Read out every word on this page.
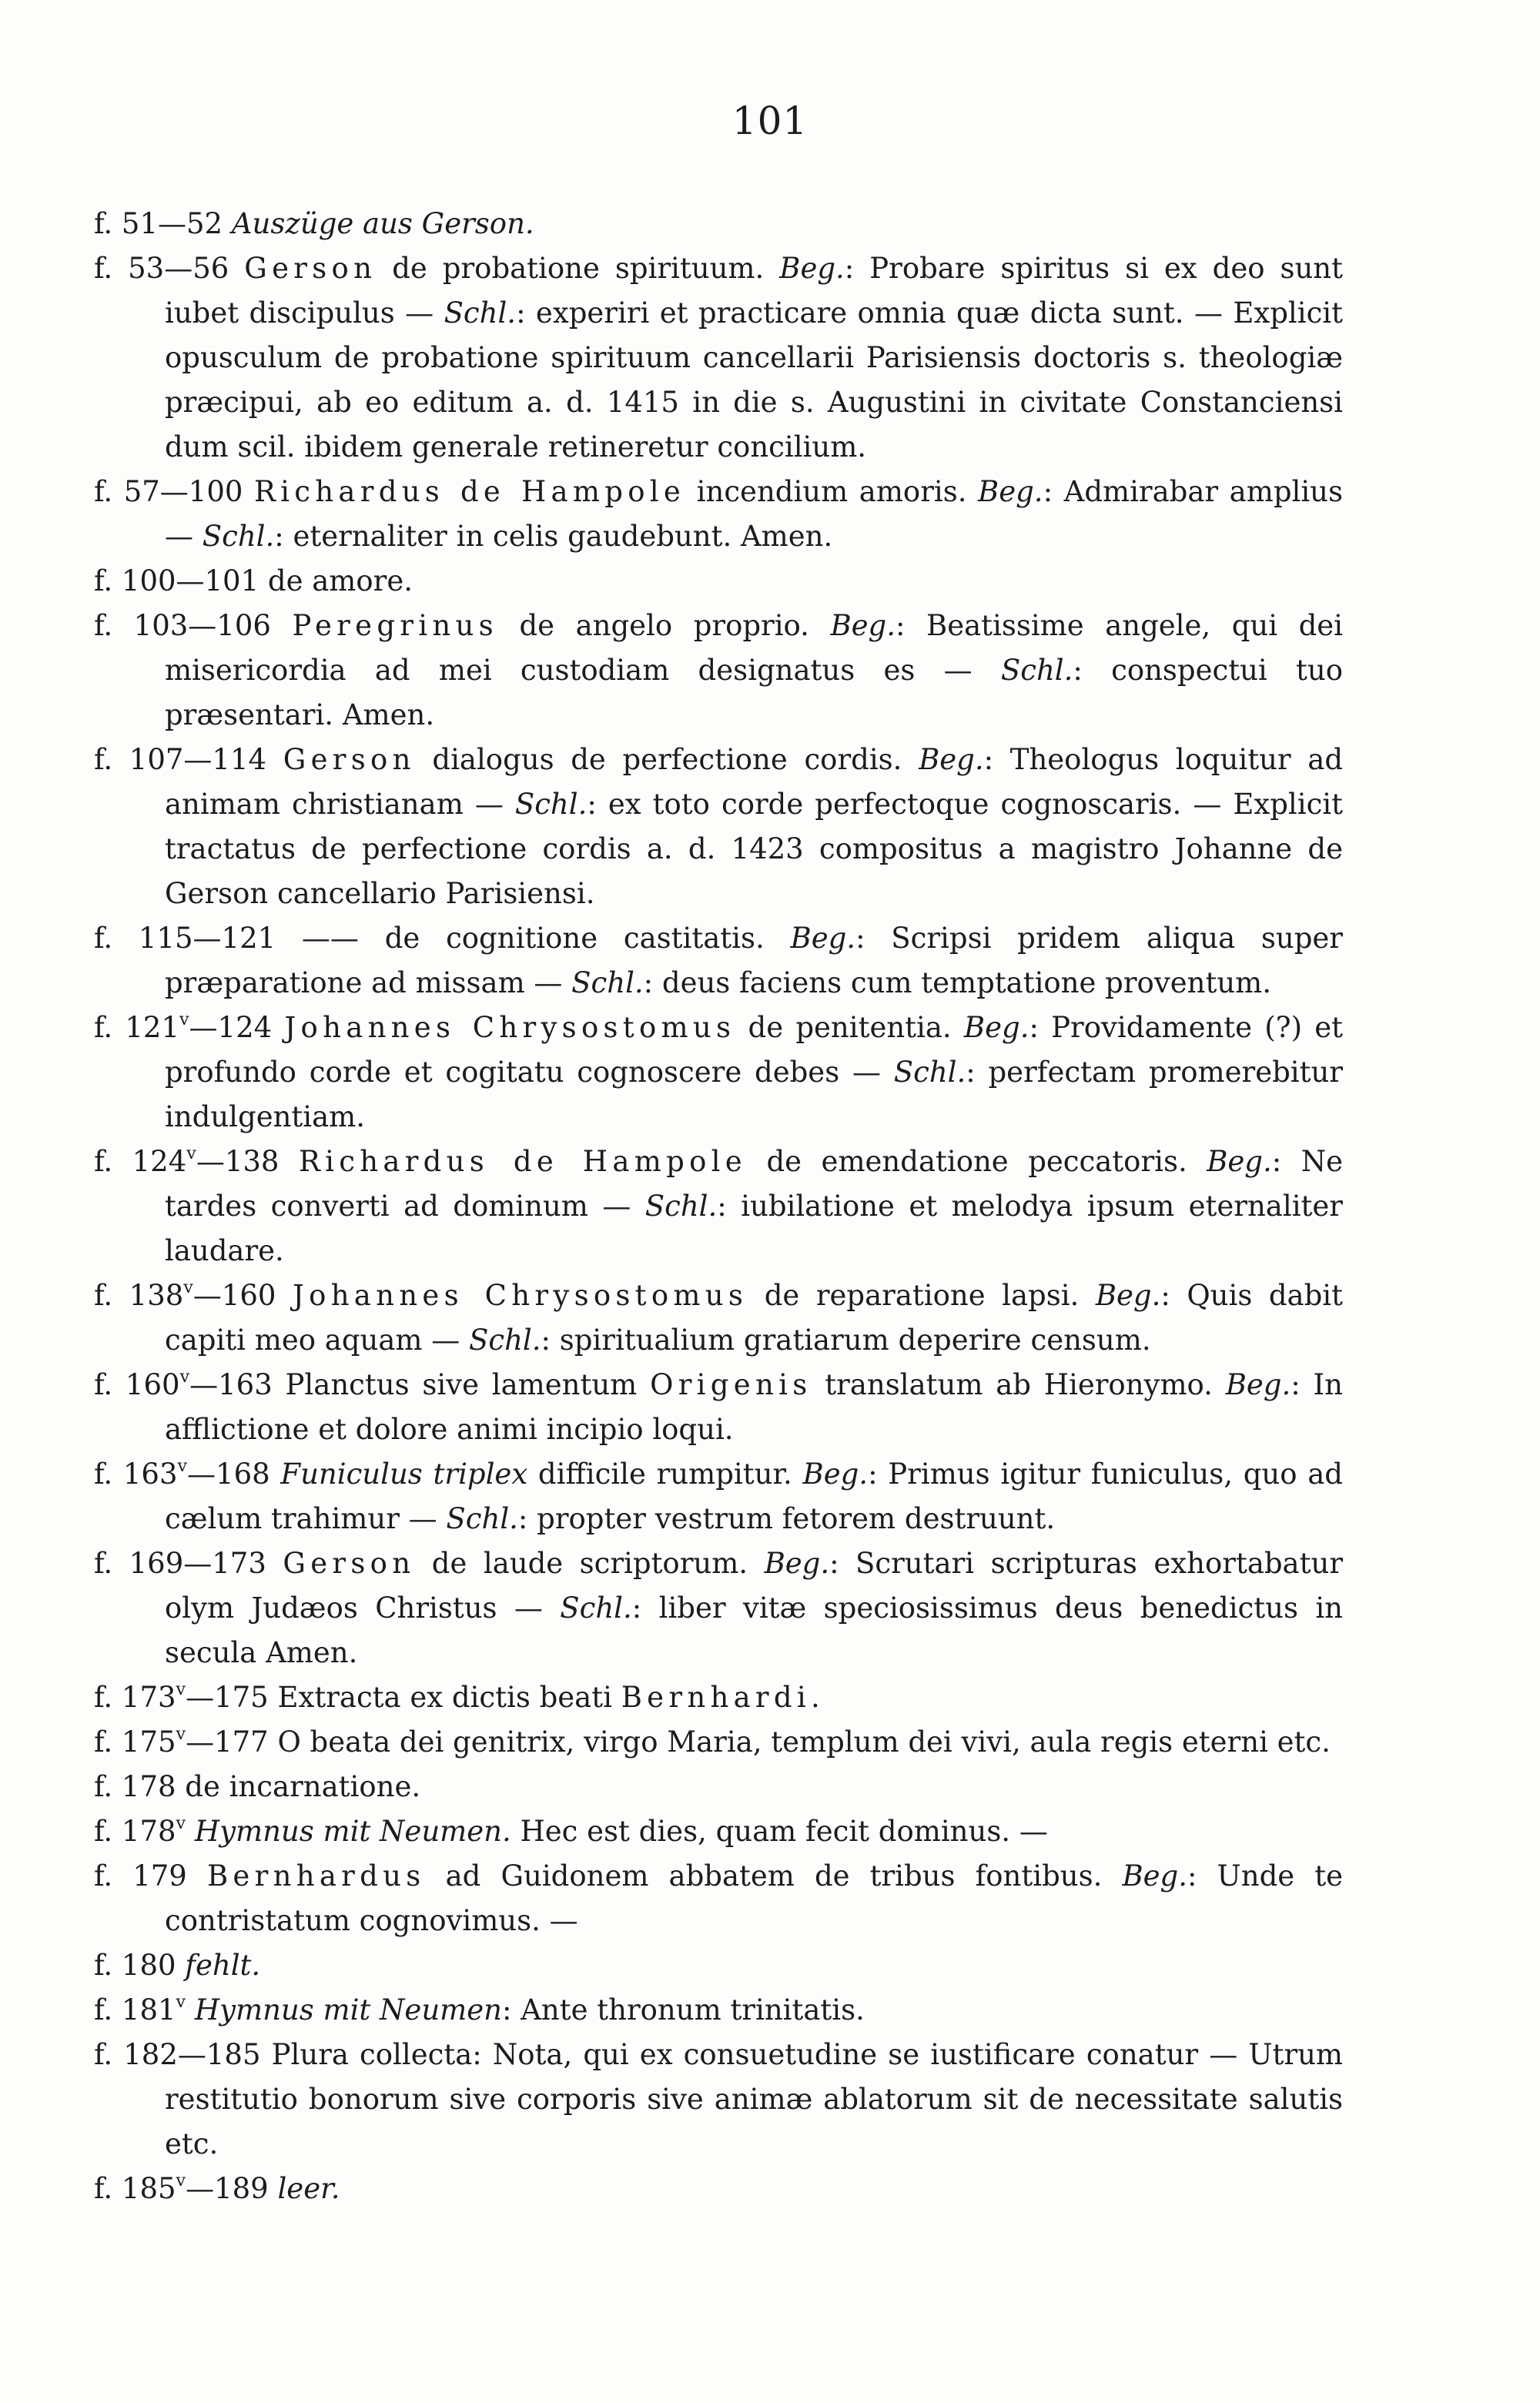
101
f. 51—52 Auszüge aus Gerson.
f. 53—56 Gerson de probatione spirituum. Beg.: Probare spiritus si ex deo sunt iubet discipulus — Schl.: experiri et practicare omnia quæ dicta sunt. — Explicit opusculum de probatione spirituum cancellarii Parisiensis doctoris s. theologiæ præcipui, ab eo editum a. d. 1415 in die s. Augustini in civitate Constanciensi dum scil. ibidem generale retineretur concilium.
f. 57—100 Richardus de Hampole incendium amoris. Beg.: Admirabar amplius — Schl.: eternaliter in celis gaudebunt. Amen.
f. 100—101 de amore.
f. 103—106 Peregrinus de angelo proprio. Beg.: Beatissime angele, qui dei misericordia ad mei custodiam designatus es — Schl.: conspectui tuo præsentari. Amen.
f. 107—114 Gerson dialogus de perfectione cordis. Beg.: Theologus loquitur ad animam christianam — Schl.: ex toto corde perfectoque cognoscaris. — Explicit tractatus de perfectione cordis a. d. 1423 compositus a magistro Johanne de Gerson cancellario Parisiensi.
f. 115—121 —— de cognitione castitatis. Beg.: Scripsi pridem aliqua super præparatione ad missam — Schl.: deus faciens cum temptatione proventum.
f. 121$^v$—124 Johannes Chrysostomus de penitentia. Beg.: Providamente (?) et profundo corde et cogitatu cognoscere debes — Schl.: perfectam promerebitur indulgentiam.
f. 124$^v$—138 Richardus de Hampole de emendatione peccatoris. Beg.: Ne tardes converti ad dominum — Schl.: iubilatione et melodya ipsum eternaliter laudare.
f. 138$^v$—160 Johannes Chrysostomus de reparatione lapsi. Beg.: Quis dabit capiti meo aquam — Schl.: spiritualium gratiarum deperire censum.
f. 160$^v$—163 Planctus sive lamentum Origenis translatum ab Hieronymo. Beg.: In afflictione et dolore animi incipio loqui.
f. 163$^v$—168 Funiculus triplex difficile rumpitur. Beg.: Primus igitur funiculus, quo ad cælum trahimur — Schl.: propter vestrum fetorem destruunt.
f. 169—173 Gerson de laude scriptorum. Beg.: Scrutari scripturas exhortabatur olym Judæos Christus — Schl.: liber vitæ speciosissimus deus benedictus in secula Amen.
f. 173$^v$—175 Extracta ex dictis beati Bernhardi.
f. 175$^v$—177 O beata dei genitrix, virgo Maria, templum dei vivi, aula regis eterni etc.
f. 178 de incarnatione.
f. 178$^v$ Hymnus mit Neumen. Hec est dies, quam fecit dominus. —
f. 179 Bernhardus ad Guidonem abbatem de tribus fontibus. Beg.: Unde te contristatum cognovimus. —
f. 180 fehlt.
f. 181$^v$ Hymnus mit Neumen: Ante thronum trinitatis.
f. 182—185 Plura collecta: Nota, qui ex consuetudine se iustificare conatur — Utrum restitutio bonorum sive corporis sive animæ ablatorum sit de necessitate salutis etc.
f. 185$^v$—189 leer.
